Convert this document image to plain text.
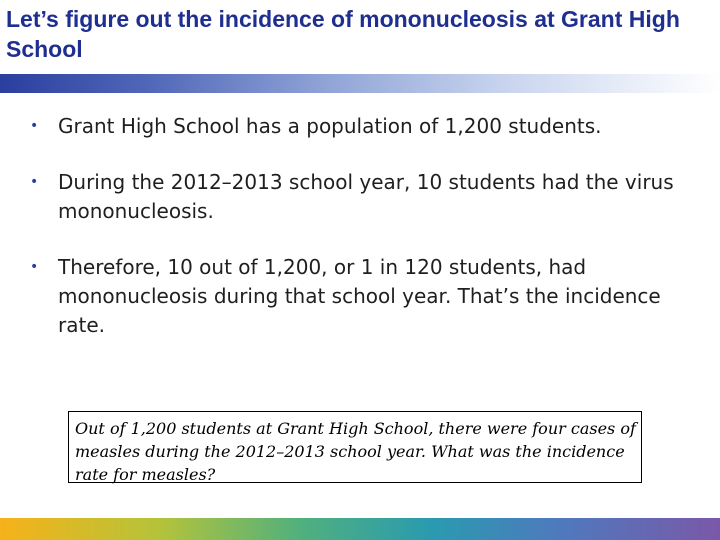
Let’s figure out the incidence of mononucleosis at Grant High School
• Grant High School has a population of 1,200 students.
• During the 2012–2013 school year, 10 students had the virus mononucleosis.
• Therefore, 10 out of 1,200, or 1 in 120 students, had mononucleosis during that school year. That’s the incidence rate.
Out of 1,200 students at Grant High School, there were four cases of measles during the 2012–2013 school year. What was the incidence rate for measles?
